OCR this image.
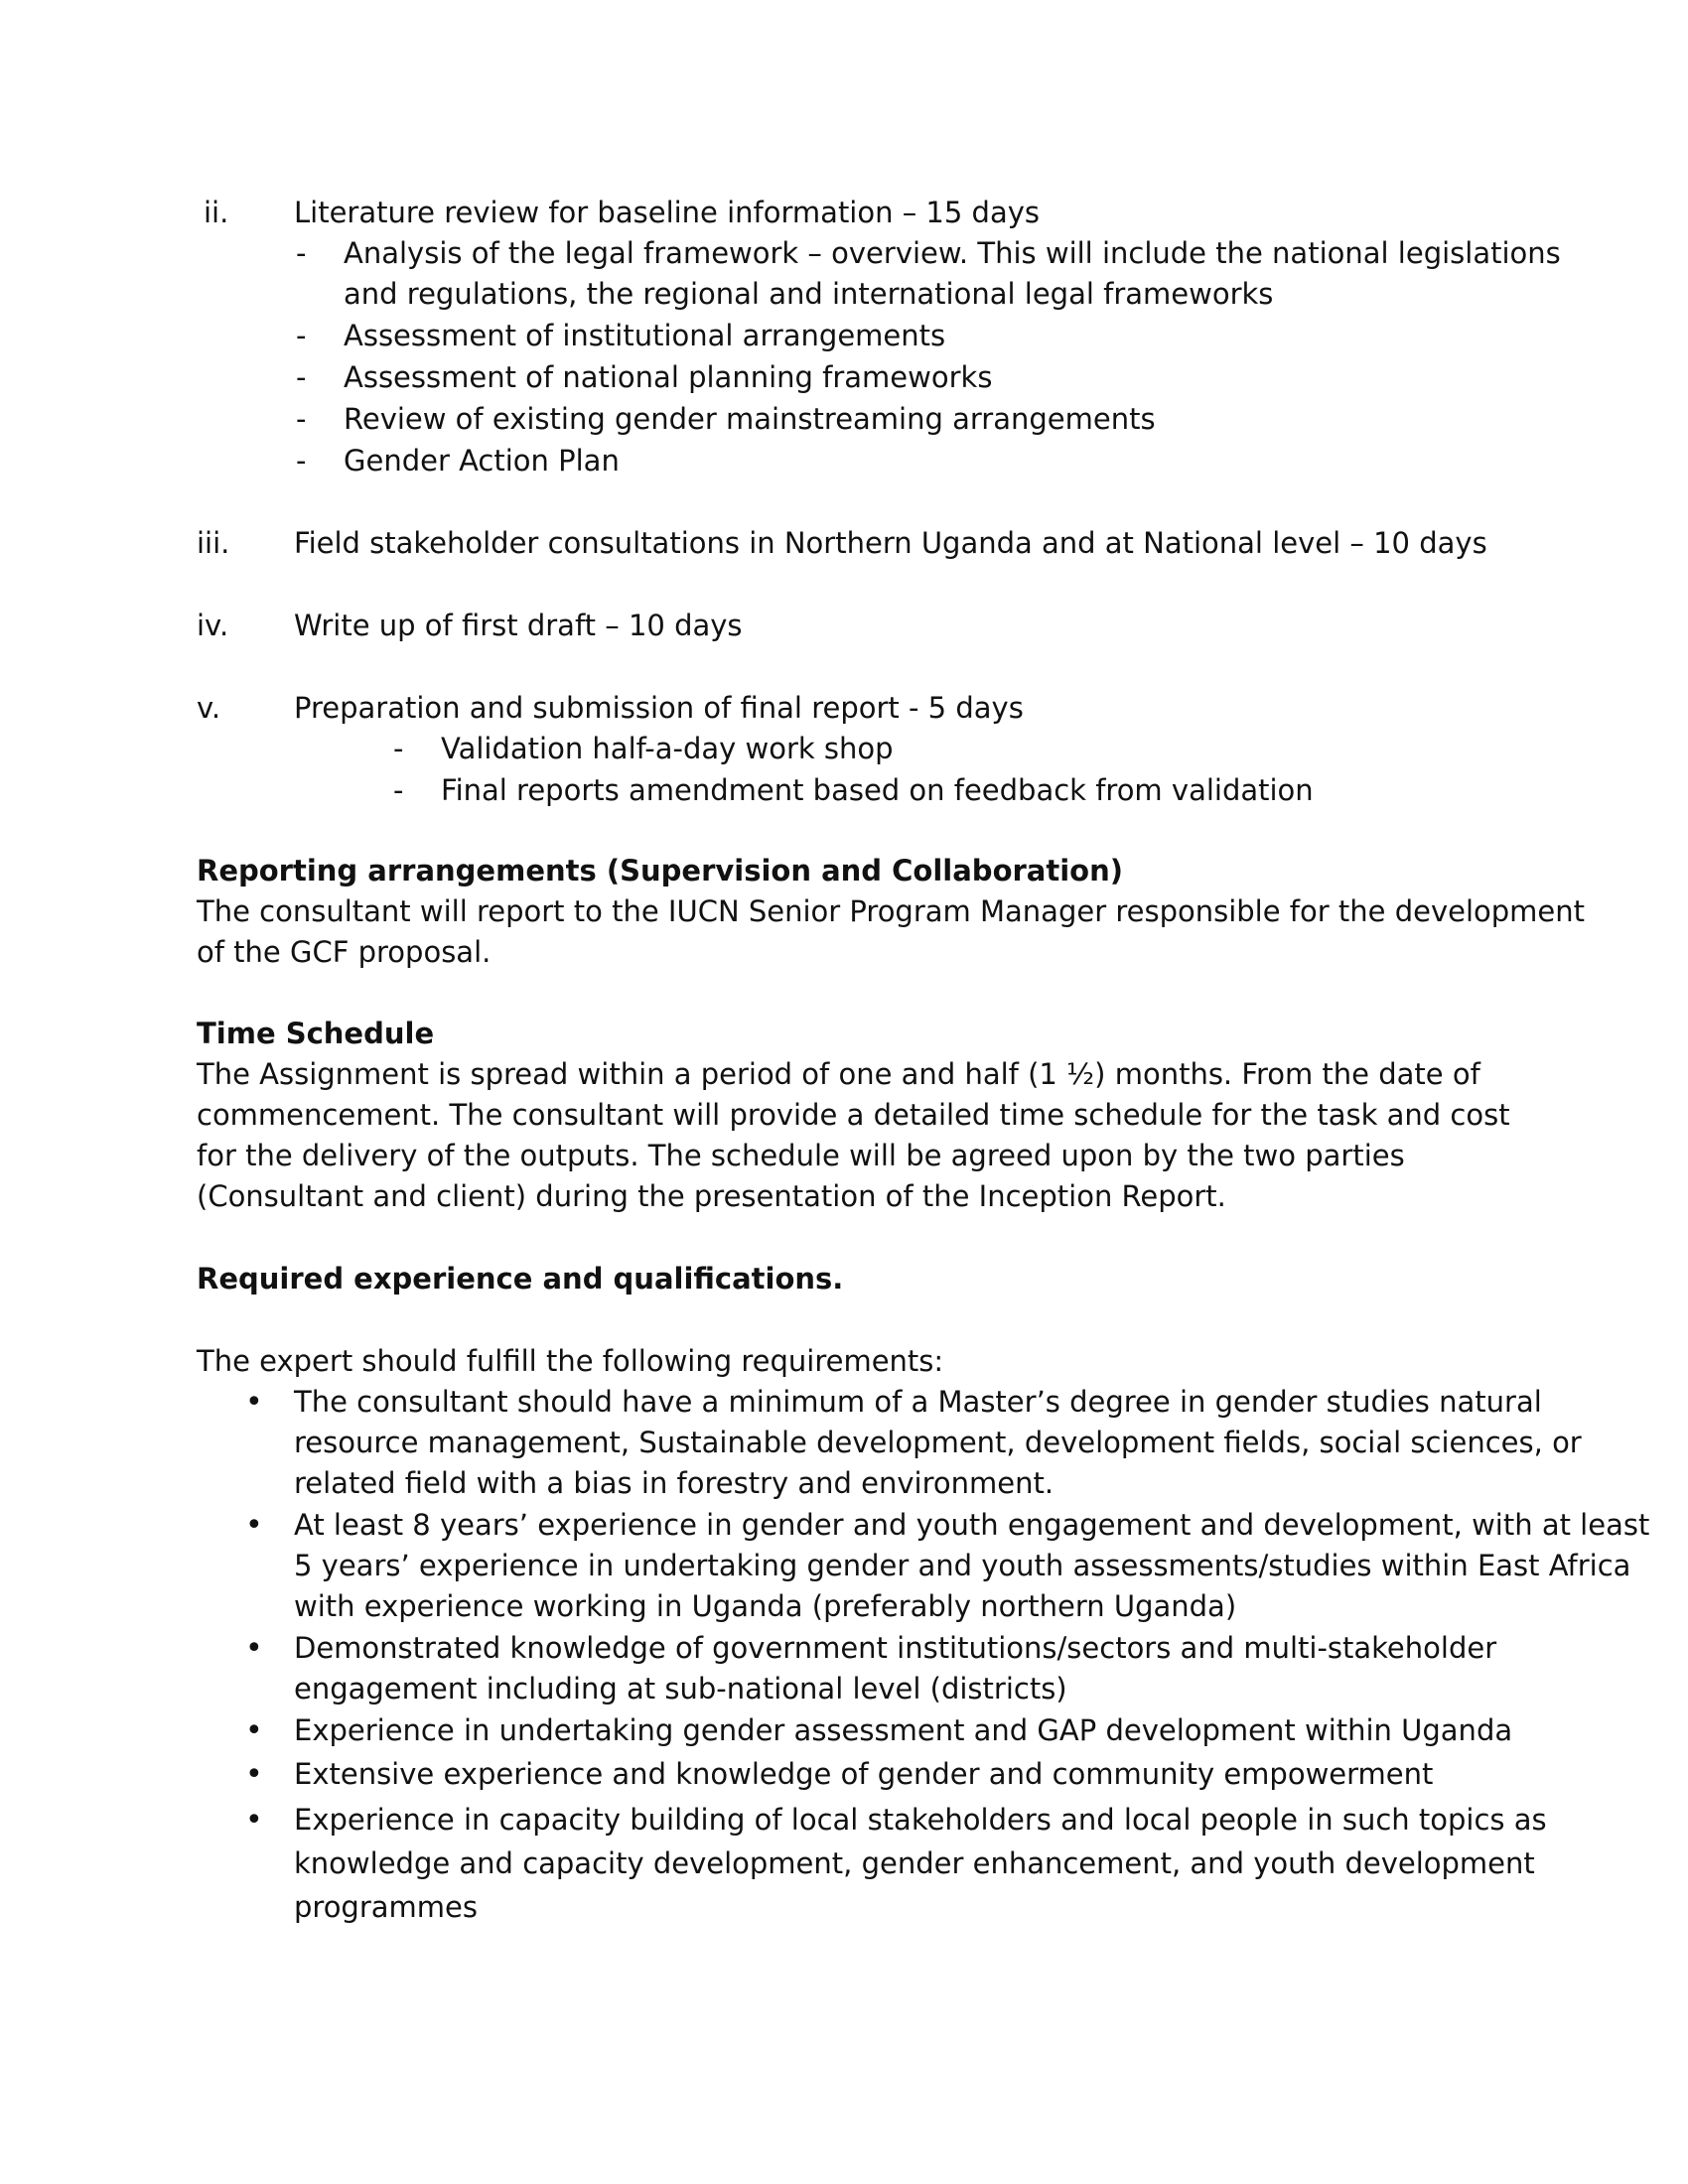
ii. Literature review for baseline information – 15 days
- Analysis of the legal framework – overview. This will include the national legislations
and regulations, the regional and international legal frameworks
- Assessment of institutional arrangements
- Assessment of national planning frameworks
- Review of existing gender mainstreaming arrangements
- Gender Action Plan
iii. Field stakeholder consultations in Northern Uganda and at National level – 10 days
iv. Write up of first draft – 10 days
v.	Preparation and submission of final report - 5 days
- Validation half-a-day work shop
- Final reports amendment based on feedback from validation
Reporting arrangements (Supervision and Collaboration)
The consultant will report to the IUCN Senior Program Manager responsible for the development
of the GCF proposal.
Time Schedule
The Assignment is spread within a period of one and half (1 ½) months. From the date of
commencement. The consultant will provide a detailed time schedule for the task and cost
for the delivery of the outputs. The schedule will be agreed upon by the two parties
(Consultant and client) during the presentation of the Inception Report.
Required experience and qualifications.
The expert should fulfill the following requirements:
• The consultant should have a minimum of a Master’s degree in gender studies natural
resource management, Sustainable development, development fields, social sciences, or
related field with a bias in forestry and environment.
• At least 8 years’ experience in gender and youth engagement and development, with at least
5 years’ experience in undertaking gender and youth assessments/studies within East Africa
with experience working in Uganda (preferably northern Uganda)
• Demonstrated knowledge of government institutions/sectors and multi-stakeholder
engagement including at sub-national level (districts)
• Experience in undertaking gender assessment and GAP development within Uganda
• Extensive experience and knowledge of gender and community empowerment
• Experience in capacity building of local stakeholders and local people in such topics as
knowledge and capacity development, gender enhancement, and youth development
programmes
